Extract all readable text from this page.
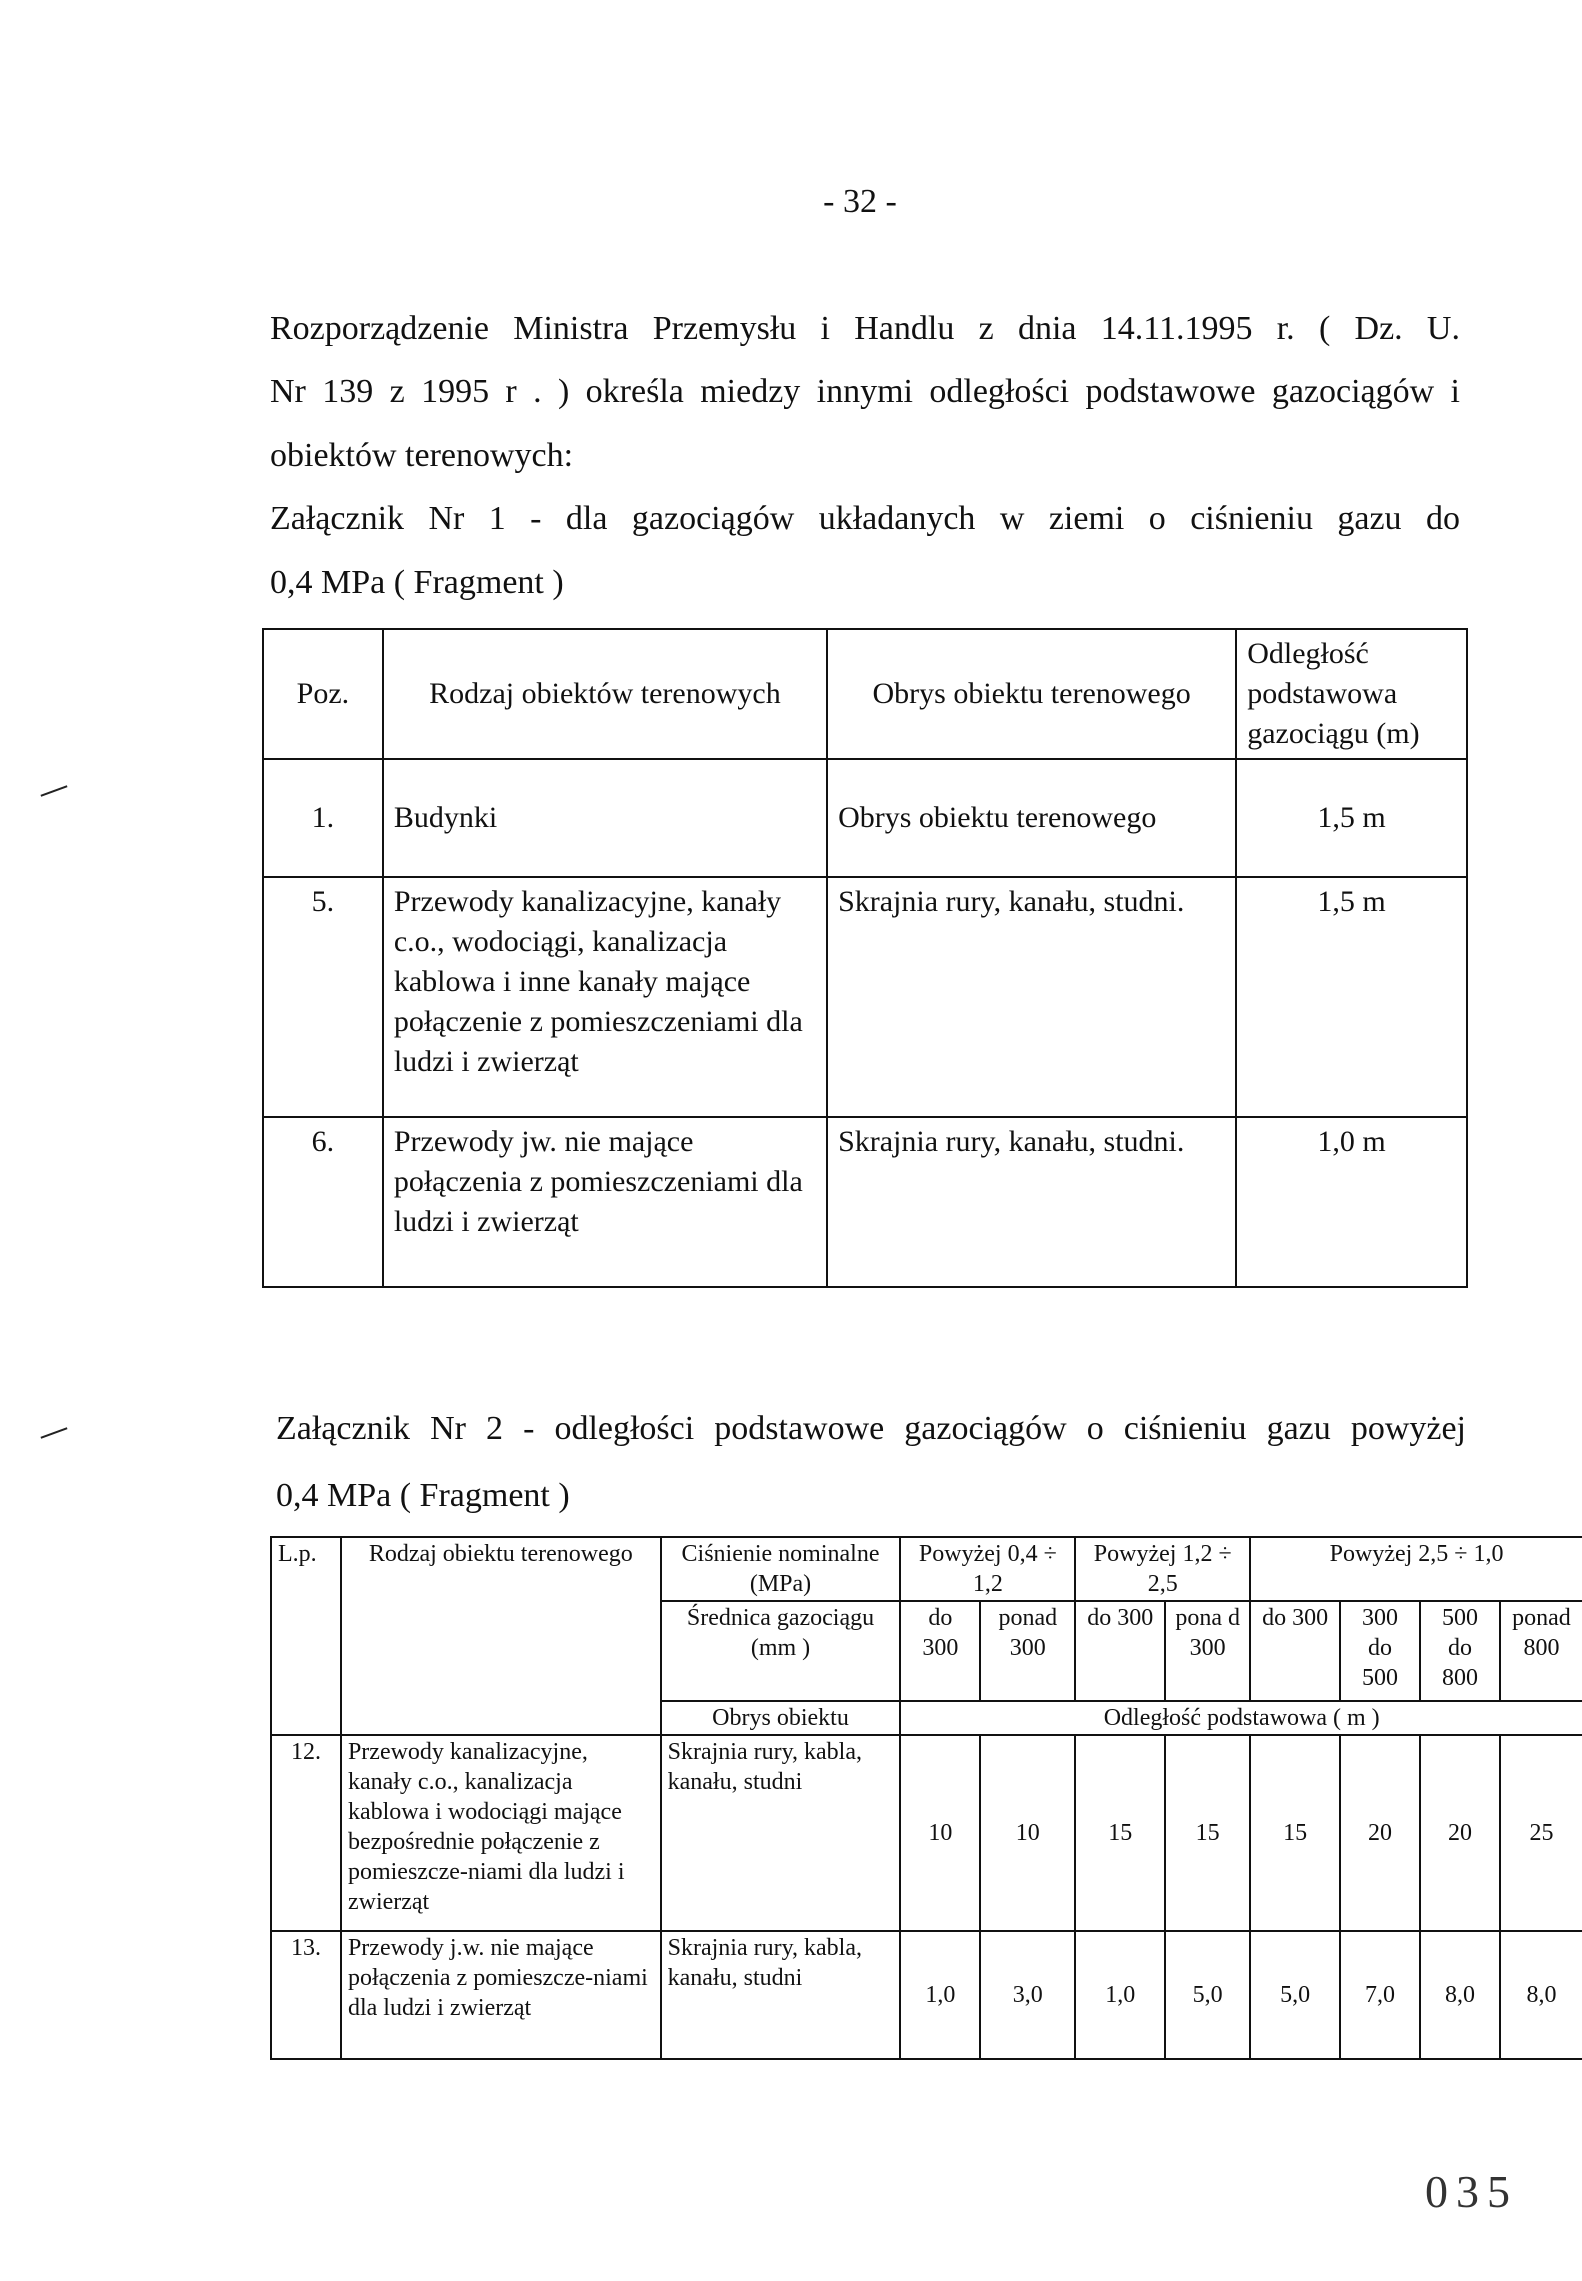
- 32 -
Rozporządzenie Ministra Przemysłu i Handlu z dnia 14.11.1995 r. ( Dz. U.
Nr 139 z 1995 r . ) określa miedzy innymi odległości podstawowe gazociągów i
obiektów terenowych:
Załącznik Nr 1 - dla gazociągów układanych w ziemi o ciśnieniu gazu do
0,4 MPa ( Fragment )
Poz.	Rodzaj obiektów terenowych	Obrys obiektu terenowego	Odległość podstawowa gazociągu (m)
1.	Budynki	Obrys obiektu terenowego	1,5 m
5.	Przewody kanalizacyjne, kanały c.o., wodociągi, kanalizacja kablowa i inne kanały mające połączenie z pomieszczeniami dla ludzi i zwierząt	Skrajnia rury, kanału, studni.	1,5 m
6.	Przewody jw. nie mające połączenia z pomieszczeniami dla ludzi i zwierząt	Skrajnia rury, kanału, studni.	1,0 m
Załącznik Nr 2 - odległości podstawowe gazociągów o ciśnieniu gazu powyżej
0,4 MPa ( Fragment )
L.p.	Rodzaj obiektu terenowego	Ciśnienie nominalne (MPa)	Powyżej 0,4 ÷ 1,2		Powyżej 1,2 ÷ 2,5		Powyżej 2,5 ÷ 1,0			
		Średnica gazociągu (mm )	do 300	ponad 300	do 300	pona d 300	do 300	300 do 500	500 do 800	ponad 800
		Obrys obiektu	Odległość podstawowa ( m )							
12.	Przewody kanalizacyjne, kanały c.o., kanalizacja kablowa i wodociągi mające bezpośrednie połączenie z pomieszcze-niami dla ludzi i zwierząt	Skrajnia rury, kabla, kanału, studni	10	10	15	15	15	20	20	25
13.	Przewody j.w. nie mające połączenia z pomieszcze-niami dla ludzi i zwierząt	Skrajnia rury, kabla, kanału, studni	1,0	3,0	1,0	5,0	5,0	7,0	8,0	8,0
035
